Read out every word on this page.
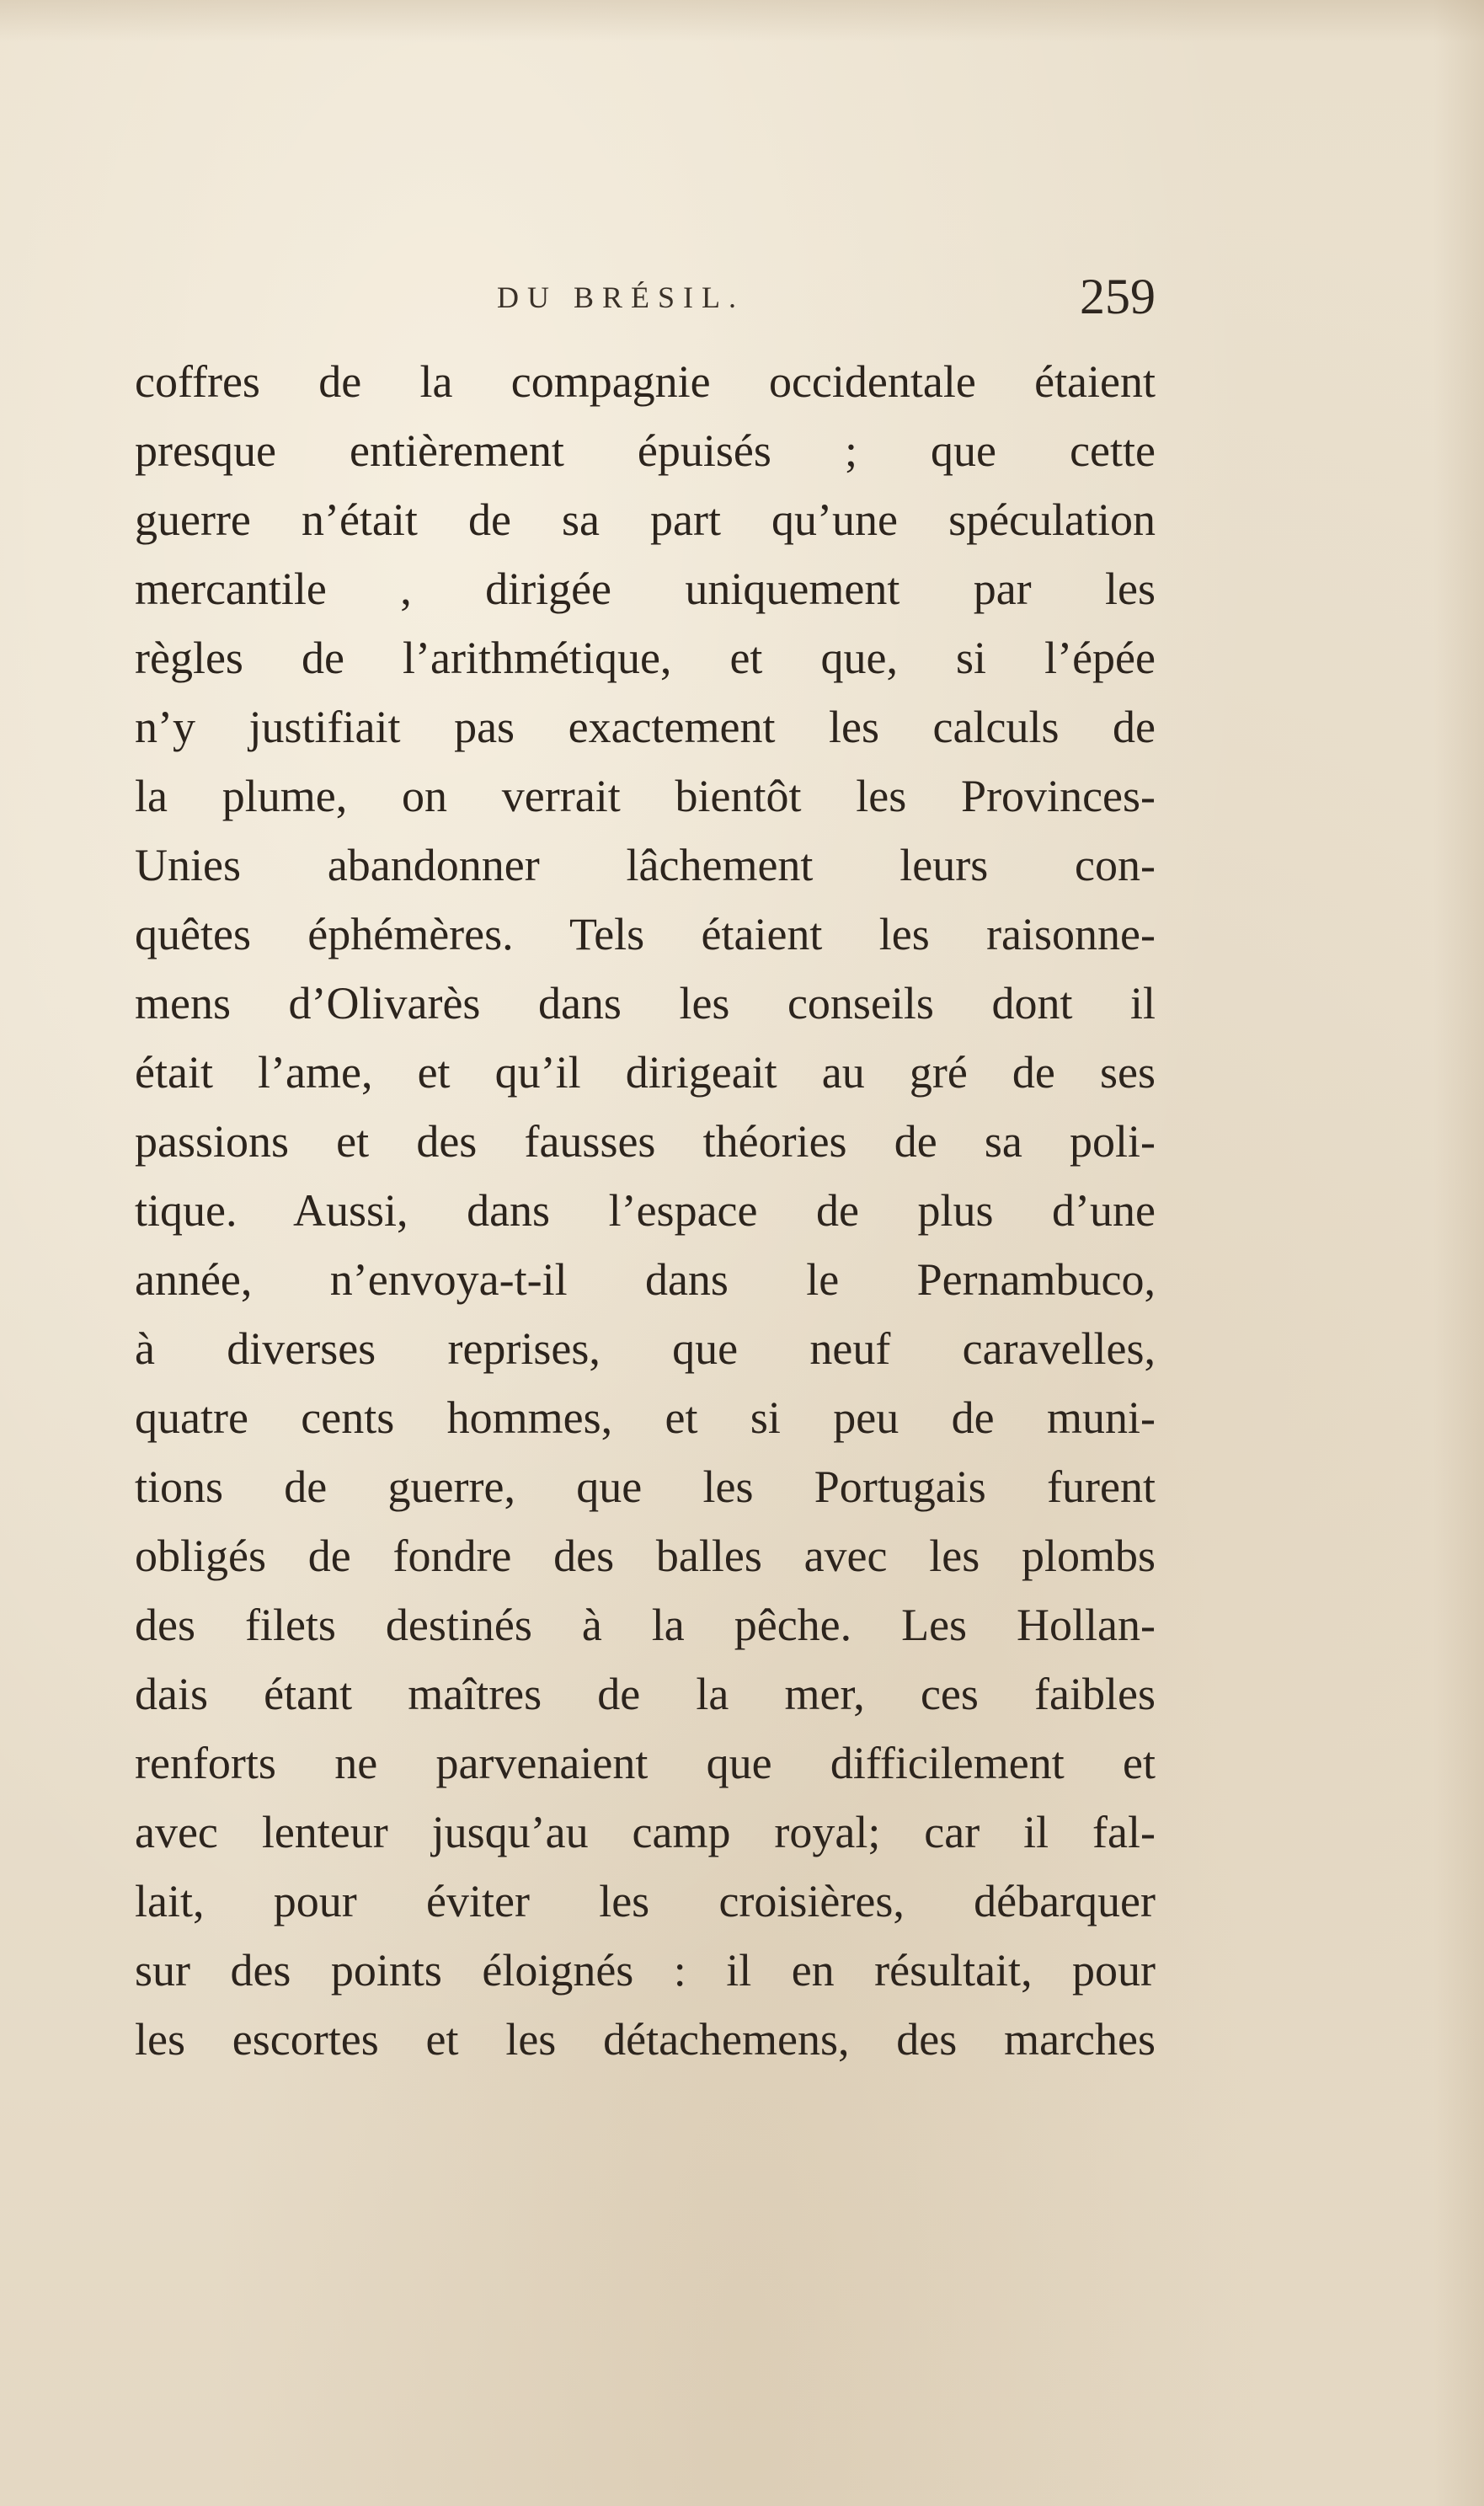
DU BRÉSIL.	259
coffres de la compagnie occidentale étaient
presque entièrement épuisés ; que cette
guerre n’était de sa part qu’une spéculation
mercantile , dirigée uniquement par les
règles de l’arithmétique, et que, si l’épée
n’y justifiait pas exactement les calculs de
la plume, on verrait bientôt les Provinces-
Unies abandonner lâchement leurs con-
quêtes éphémères. Tels étaient les raisonne-
mens d’Olivarès dans les conseils dont il
était l’ame, et qu’il dirigeait au gré de ses
passions et des fausses théories de sa poli-
tique. Aussi, dans l’espace de plus d’une
année, n’envoya-t-il dans le Pernambuco,
à diverses reprises, que neuf caravelles,
quatre cents hommes, et si peu de muni-
tions de guerre, que les Portugais furent
obligés de fondre des balles avec les plombs
des filets destinés à la pêche. Les Hollan-
dais étant maîtres de la mer, ces faibles
renforts ne parvenaient que difficilement et
avec lenteur jusqu’au camp royal; car il fal-
lait, pour éviter les croisières, débarquer
sur des points éloignés : il en résultait, pour
les escortes et les détachemens, des marches
